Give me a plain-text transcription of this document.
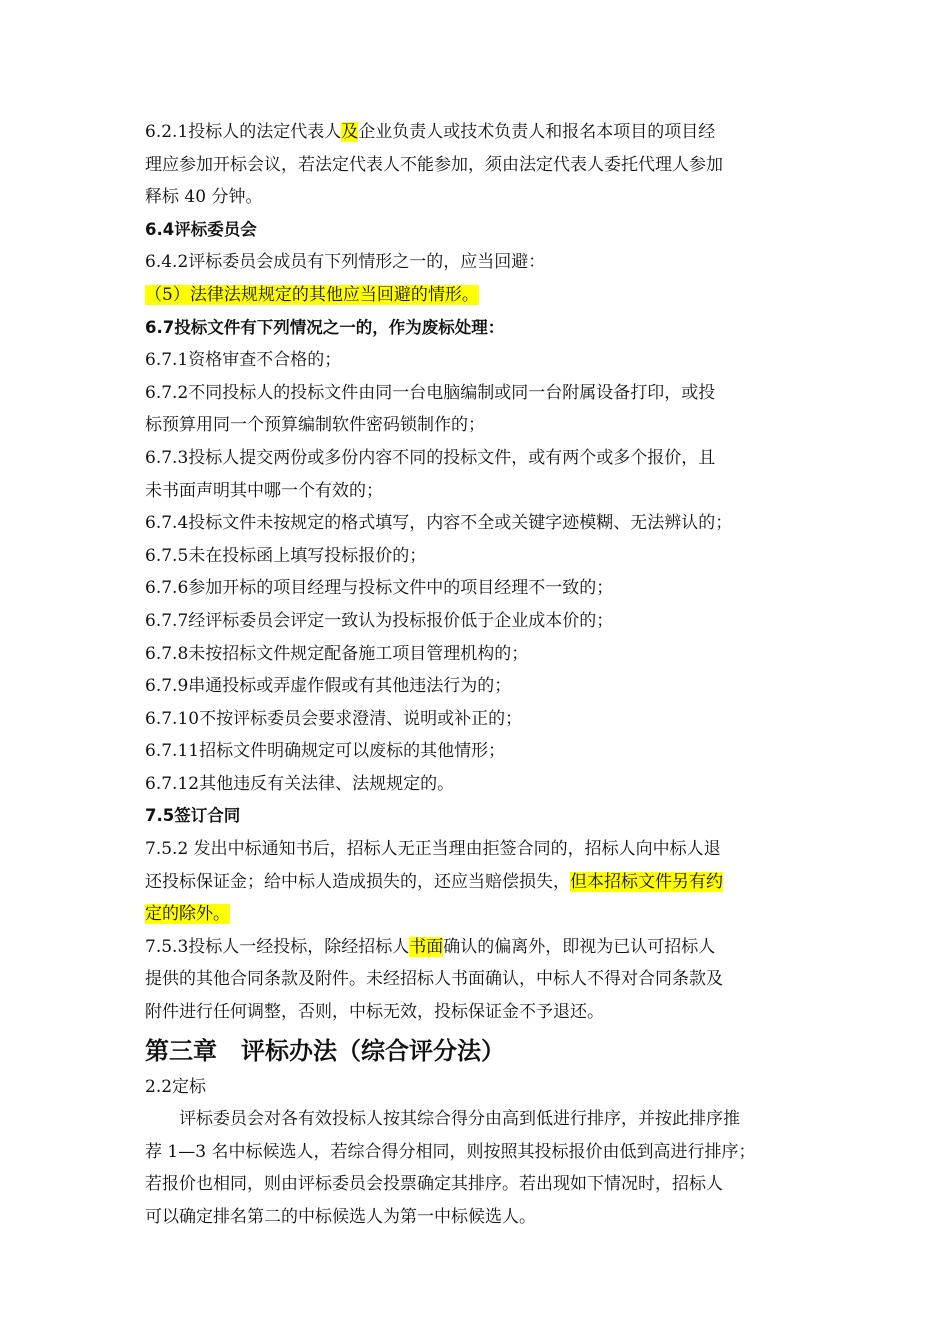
6.2.1投标人的法定代表人及企业负责人或技术负责人和报名本项目的项目经
理应参加开标会议，若法定代表人不能参加，须由法定代表人委托代理人参加
释标 40 分钟。
6.4评标委员会
6.4.2评标委员会成员有下列情形之一的，应当回避：
（5）法律法规规定的其他应当回避的情形。
6.7投标文件有下列情况之一的，作为废标处理：
6.7.1资格审查不合格的；
6.7.2不同投标人的投标文件由同一台电脑编制或同一台附属设备打印，或投
标预算用同一个预算编制软件密码锁制作的；
6.7.3投标人提交两份或多份内容不同的投标文件，或有两个或多个报价，且
未书面声明其中哪一个有效的；
6.7.4投标文件未按规定的格式填写，内容不全或关键字迹模糊、无法辨认的；
6.7.5未在投标函上填写投标报价的；
6.7.6参加开标的项目经理与投标文件中的项目经理不一致的；
6.7.7经评标委员会评定一致认为投标报价低于企业成本价的；
6.7.8未按招标文件规定配备施工项目管理机构的；
6.7.9串通投标或弄虚作假或有其他违法行为的；
6.7.10不按评标委员会要求澄清、说明或补正的；
6.7.11招标文件明确规定可以废标的其他情形；
6.7.12其他违反有关法律、法规规定的。
7.5签订合同
7.5.2 发出中标通知书后，招标人无正当理由拒签合同的，招标人向中标人退
还投标保证金；给中标人造成损失的，还应当赔偿损失，但本招标文件另有约
定的除外。
7.5.3投标人一经投标，除经招标人书面确认的偏离外，即视为已认可招标人
提供的其他合同条款及附件。未经招标人书面确认，中标人不得对合同条款及
附件进行任何调整，否则，中标无效，投标保证金不予退还。
第三章　评标办法（综合评分法）
2.2定标
评标委员会对各有效投标人按其综合得分由高到低进行排序，并按此排序推
荐 1—3 名中标候选人，若综合得分相同，则按照其投标报价由低到高进行排序；
若报价也相同，则由评标委员会投票确定其排序。若出现如下情况时，招标人
可以确定排名第二的中标候选人为第一中标候选人。
